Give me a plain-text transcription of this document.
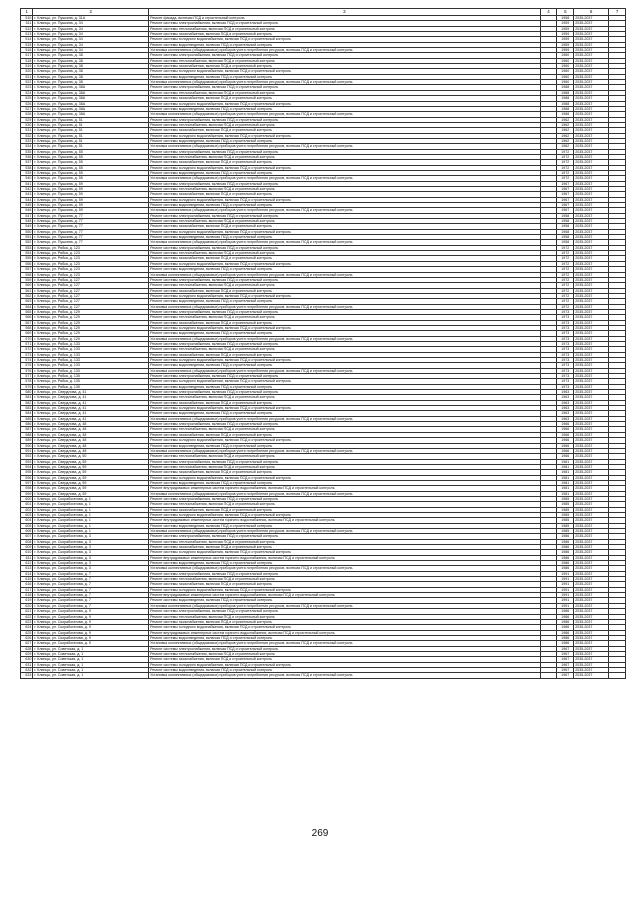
1	2	3	4	5	6	7
510	г. Клинцы, ул. Пушкина, д. 31А	Ремонт фасада, включая ПСД и строительный контроль		1958	2035-2037	
511	г. Клинцы, ул. Пушкина, д. 34	Ремонт системы электроснабжения, включая ПСД и строительный контроль		1959	2035-2037	
512	г. Клинцы, ул. Пушкина, д. 34	Ремонт системы теплоснабжения, включая ПСД и строительный контроль		1959	2035-2037	
513	г. Клинцы, ул. Пушкина, д. 34	Ремонт системы газоснабжения, включая ПСД и строительный контроль		1959	2035-2037	
514	г. Клинцы, ул. Пушкина, д. 34	Ремонт системы холодного водоснабжения, включая ПСД и строительный контроль		1959	2035-2037	
515	г. Клинцы, ул. Пушкина, д. 34	Ремонт системы водоотведения, включая ПСД и строительный контроль		1959	2035-2037	
516	г. Клинцы, ул. Пушкина, д. 34	Установка коллективных (общедомовых) приборов учета потребления ресурсов, включая ПСД и строительный контроль		1959	2035-2037	
517	г. Клинцы, ул. Пушкина, д. 38	Ремонт системы электроснабжения, включая ПСД и строительный контроль		1960	2035-2037	
518	г. Клинцы, ул. Пушкина, д. 38	Ремонт системы теплоснабжения, включая ПСД и строительный контроль		1960	2035-2037	
519	г. Клинцы, ул. Пушкина, д. 38	Ремонт системы газоснабжения, включая ПСД и строительный контроль		1960	2035-2037	
520	г. Клинцы, ул. Пушкина, д. 38	Ремонт системы холодного водоснабжения, включая ПСД и строительный контроль		1960	2035-2037	
521	г. Клинцы, ул. Пушкина, д. 38	Ремонт системы водоотведения, включая ПСД и строительный контроль		1960	2035-2037	
522	г. Клинцы, ул. Пушкина, д. 38	Установка коллективных (общедомовых) приборов учета потребления ресурсов, включая ПСД и строительный контроль		1960	2035-2037	
523	г. Клинцы, ул. Пушкина, д. 38А	Ремонт системы электроснабжения, включая ПСД и строительный контроль		1988	2035-2037	
524	г. Клинцы, ул. Пушкина, д. 38А	Ремонт системы теплоснабжения, включая ПСД и строительный контроль		1988	2035-2037	
525	г. Клинцы, ул. Пушкина, д. 38А	Ремонт системы газоснабжения, включая ПСД и строительный контроль		1988	2035-2037	
526	г. Клинцы, ул. Пушкина, д. 38А	Ремонт системы холодного водоснабжения, включая ПСД и строительный контроль		1988	2035-2037	
527	г. Клинцы, ул. Пушкина, д. 38А	Ремонт системы водоотведения, включая ПСД и строительный контроль		1988	2035-2037	
528	г. Клинцы, ул. Пушкина, д. 38А	Установка коллективных (общедомовых) приборов учета потребления ресурсов, включая ПСД и строительный контроль		1988	2035-2037	
529	г. Клинцы, ул. Пушкина, д. 51	Ремонт системы электроснабжения, включая ПСД и строительный контроль		1962	2035-2037	
530	г. Клинцы, ул. Пушкина, д. 51	Ремонт системы теплоснабжения, включая ПСД и строительный контроль		1962	2035-2037	
531	г. Клинцы, ул. Пушкина, д. 51	Ремонт системы газоснабжения, включая ПСД и строительный контроль		1962	2035-2037	
532	г. Клинцы, ул. Пушкина, д. 51	Ремонт системы холодного водоснабжения, включая ПСД и строительный контроль		1962	2035-2037	
533	г. Клинцы, ул. Пушкина, д. 51	Ремонт системы водоотведения, включая ПСД и строительный контроль		1962	2035-2037	
534	г. Клинцы, ул. Пушкина, д. 51	Установка коллективных (общедомовых) приборов учета потребления ресурсов, включая ПСД и строительный контроль		1962	2035-2037	
535	г. Клинцы, ул. Пушкина, д. 55	Ремонт системы электроснабжения, включая ПСД и строительный контроль		1972	2035-2037	
536	г. Клинцы, ул. Пушкина, д. 55	Ремонт системы теплоснабжения, включая ПСД и строительный контроль		1972	2035-2037	
537	г. Клинцы, ул. Пушкина, д. 55	Ремонт системы газоснабжения, включая ПСД и строительный контроль		1972	2035-2037	
538	г. Клинцы, ул. Пушкина, д. 55	Ремонт системы холодного водоснабжения, включая ПСД и строительный контроль		1972	2035-2037	
539	г. Клинцы, ул. Пушкина, д. 55	Ремонт системы водоотведения, включая ПСД и строительный контроль		1972	2035-2037	
540	г. Клинцы, ул. Пушкина, д. 55	Установка коллективных (общедомовых) приборов учета потребления ресурсов, включая ПСД и строительный контроль		1972	2035-2037	
541	г. Клинцы, ул. Пушкина, д. 59	Ремонт системы электроснабжения, включая ПСД и строительный контроль		1967	2035-2037	
542	г. Клинцы, ул. Пушкина, д. 59	Ремонт системы теплоснабжения, включая ПСД и строительный контроль		1967	2035-2037	
543	г. Клинцы, ул. Пушкина, д. 59	Ремонт системы газоснабжения, включая ПСД и строительный контроль		1967	2035-2037	
544	г. Клинцы, ул. Пушкина, д. 59	Ремонт системы холодного водоснабжения, включая ПСД и строительный контроль		1967	2035-2037	
545	г. Клинцы, ул. Пушкина, д. 59	Ремонт системы водоотведения, включая ПСД и строительный контроль		1967	2035-2037	
546	г. Клинцы, ул. Пушкина, д. 59	Установка коллективных (общедомовых) приборов учета потребления ресурсов, включая ПСД и строительный контроль		1967	2035-2037	
547	г. Клинцы, ул. Пушкина, д. 77	Ремонт системы электроснабжения, включая ПСД и строительный контроль		1958	2035-2037	
548	г. Клинцы, ул. Пушкина, д. 77	Ремонт системы теплоснабжения, включая ПСД и строительный контроль		1958	2035-2037	
549	г. Клинцы, ул. Пушкина, д. 77	Ремонт системы газоснабжения, включая ПСД и строительный контроль		1958	2035-2037	
550	г. Клинцы, ул. Пушкина, д. 77	Ремонт системы холодного водоснабжения, включая ПСД и строительный контроль		1958	2035-2037	
551	г. Клинцы, ул. Пушкина, д. 77	Ремонт системы водоотведения, включая ПСД и строительный контроль		1958	2035-2037	
552	г. Клинцы, ул. Пушкина, д. 77	Установка коллективных (общедомовых) приборов учета потребления ресурсов, включая ПСД и строительный контроль		1958	2035-2037	
553	г. Клинцы, ул. Рябка, д. 123	Ремонт системы электроснабжения, включая ПСД и строительный контроль		1972	2035-2037	
554	г. Клинцы, ул. Рябка, д. 123	Ремонт системы теплоснабжения, включая ПСД и строительный контроль		1972	2035-2037	
555	г. Клинцы, ул. Рябка, д. 123	Ремонт системы газоснабжения, включая ПСД и строительный контроль		1972	2035-2037	
556	г. Клинцы, ул. Рябка, д. 123	Ремонт системы холодного водоснабжения, включая ПСД и строительный контроль		1972	2035-2037	
557	г. Клинцы, ул. Рябка, д. 123	Ремонт системы водоотведения, включая ПСД и строительный контроль		1972	2035-2037	
558	г. Клинцы, ул. Рябка, д. 123	Установка коллективных (общедомовых) приборов учета потребления ресурсов, включая ПСД и строительный контроль		1972	2035-2037	
559	г. Клинцы, ул. Рябка, д. 127	Ремонт системы электроснабжения, включая ПСД и строительный контроль		1972	2035-2037	
560	г. Клинцы, ул. Рябка, д. 127	Ремонт системы теплоснабжения, включая ПСД и строительный контроль		1972	2035-2037	
561	г. Клинцы, ул. Рябка, д. 127	Ремонт системы газоснабжения, включая ПСД и строительный контроль		1972	2035-2037	
562	г. Клинцы, ул. Рябка, д. 127	Ремонт системы холодного водоснабжения, включая ПСД и строительный контроль		1972	2035-2037	
563	г. Клинцы, ул. Рябка, д. 127	Ремонт системы водоотведения, включая ПСД и строительный контроль		1972	2035-2037	
564	г. Клинцы, ул. Рябка, д. 127	Установка коллективных (общедомовых) приборов учета потребления ресурсов, включая ПСД и строительный контроль		1972	2035-2037	
565	г. Клинцы, ул. Рябка, д. 129	Ремонт системы электроснабжения, включая ПСД и строительный контроль		1973	2035-2037	
566	г. Клинцы, ул. Рябка, д. 129	Ремонт системы теплоснабжения, включая ПСД и строительный контроль		1973	2035-2037	
567	г. Клинцы, ул. Рябка, д. 129	Ремонт системы газоснабжения, включая ПСД и строительный контроль		1973	2035-2037	
568	г. Клинцы, ул. Рябка, д. 129	Ремонт системы холодного водоснабжения, включая ПСД и строительный контроль		1973	2035-2037	
569	г. Клинцы, ул. Рябка, д. 129	Ремонт системы водоотведения, включая ПСД и строительный контроль		1973	2035-2037	
570	г. Клинцы, ул. Рябка, д. 129	Установка коллективных (общедомовых) приборов учета потребления ресурсов, включая ПСД и строительный контроль		1973	2035-2037	
571	г. Клинцы, ул. Рябка, д. 133	Ремонт системы электроснабжения, включая ПСД и строительный контроль		1973	2035-2037	
572	г. Клинцы, ул. Рябка, д. 133	Ремонт системы теплоснабжения, включая ПСД и строительный контроль		1973	2035-2037	
573	г. Клинцы, ул. Рябка, д. 133	Ремонт системы газоснабжения, включая ПСД и строительный контроль		1973	2035-2037	
574	г. Клинцы, ул. Рябка, д. 133	Ремонт системы холодного водоснабжения, включая ПСД и строительный контроль		1973	2035-2037	
575	г. Клинцы, ул. Рябка, д. 133	Ремонт системы водоотведения, включая ПСД и строительный контроль		1973	2035-2037	
576	г. Клинцы, ул. Рябка, д. 133	Установка коллективных (общедомовых) приборов учета потребления ресурсов, включая ПСД и строительный контроль		1973	2035-2037	
577	г. Клинцы, ул. Рябка, д. 135	Ремонт системы электроснабжения, включая ПСД и строительный контроль		1973	2035-2037	
578	г. Клинцы, ул. Рябка, д. 135	Ремонт системы холодного водоснабжения, включая ПСД и строительный контроль		1973	2035-2037	
579	г. Клинцы, ул. Рябка, д. 135	Ремонт системы водоотведения, включая ПСД и строительный контроль		1973	2035-2037	
580	г. Клинцы, ул. Свердлова, д. 41	Ремонт системы электроснабжения, включая ПСД и строительный контроль		1963	2035-2037	
581	г. Клинцы, ул. Свердлова, д. 41	Ремонт системы теплоснабжения, включая ПСД и строительный контроль		1963	2035-2037	
582	г. Клинцы, ул. Свердлова, д. 41	Ремонт системы газоснабжения, включая ПСД и строительный контроль		1963	2035-2037	
583	г. Клинцы, ул. Свердлова, д. 41	Ремонт системы холодного водоснабжения, включая ПСД и строительный контроль		1963	2035-2037	
584	г. Клинцы, ул. Свердлова, д. 41	Ремонт системы водоотведения, включая ПСД и строительный контроль		1963	2035-2037	
585	г. Клинцы, ул. Свердлова, д. 41	Установка коллективных (общедомовых) приборов учета потребления ресурсов, включая ПСД и строительный контроль		1963	2035-2037	
586	г. Клинцы, ул. Свердлова, д. 48	Ремонт системы электроснабжения, включая ПСД и строительный контроль		1966	2035-2037	
587	г. Клинцы, ул. Свердлова, д. 48	Ремонт системы теплоснабжения, включая ПСД и строительный контроль		1966	2035-2037	
588	г. Клинцы, ул. Свердлова, д. 48	Ремонт системы газоснабжения, включая ПСД и строительный контроль		1966	2035-2037	
589	г. Клинцы, ул. Свердлова, д. 48	Ремонт системы холодного водоснабжения, включая ПСД и строительный контроль		1966	2035-2037	
590	г. Клинцы, ул. Свердлова, д. 48	Ремонт системы водоотведения, включая ПСД и строительный контроль		1966	2035-2037	
591	г. Клинцы, ул. Свердлова, д. 48	Установка коллективных (общедомовых) приборов учета потребления ресурсов, включая ПСД и строительный контроль		1966	2035-2037	
592	г. Клинцы, ул. Свердлова, д. 50	Ремонт системы теплоснабжения, включая ПСД и строительный контроль		1966	2035-2037	
593	г. Клинцы, ул. Свердлова, д. 59	Ремонт системы электроснабжения, включая ПСД и строительный контроль		1981	2035-2037	
594	г. Клинцы, ул. Свердлова, д. 59	Ремонт системы теплоснабжения, включая ПСД и строительный контроль		1981	2035-2037	
595	г. Клинцы, ул. Свердлова, д. 59	Ремонт системы газоснабжения, включая ПСД и строительный контроль		1981	2035-2037	
596	г. Клинцы, ул. Свердлова, д. 59	Ремонт системы холодного водоснабжения, включая ПСД и строительный контроль		1981	2035-2037	
597	г. Клинцы, ул. Свердлова, д. 59	Ремонт системы водоотведения, включая ПСД и строительный контроль		1981	2035-2037	
598	г. Клинцы, ул. Свердлова, д. 59	Ремонт внутридомовых инженерных систем горячего водоснабжения, включая ПСД и строительный контроль		1981	2035-2037	
599	г. Клинцы, ул. Свердлова, д. 59	Установка коллективных (общедомовых) приборов учета потребления ресурсов, включая ПСД и строительный контроль		1981	2035-2037	
600	г. Клинцы, ул. Скорабогатова, д. 1	Ремонт системы электроснабжения, включая ПСД и строительный контроль		1985	2035-2037	
601	г. Клинцы, ул. Скорабогатова, д. 1	Ремонт системы теплоснабжения, включая ПСД и строительный контроль		1985	2035-2037	
602	г. Клинцы, ул. Скорабогатова, д. 1	Ремонт системы газоснабжения, включая ПСД и строительный контроль		1985	2035-2037	
603	г. Клинцы, ул. Скорабогатова, д. 1	Ремонт системы холодного водоснабжения, включая ПСД и строительный контроль		1985	2035-2037	
604	г. Клинцы, ул. Скорабогатова, д. 1	Ремонт внутридомовых инженерных систем горячего водоснабжения, включая ПСД и строительный контроль		1985	2035-2037	
605	г. Клинцы, ул. Скорабогатова, д. 1	Ремонт системы водоотведения, включая ПСД и строительный контроль		1985	2035-2037	
606	г. Клинцы, ул. Скорабогатова, д. 1	Установка коллективных (общедомовых) приборов учета потребления ресурсов, включая ПСД и строительный контроль		1985	2035-2037	
607	г. Клинцы, ул. Скорабогатова, д. 3	Ремонт системы электроснабжения, включая ПСД и строительный контроль		1986	2035-2037	
608	г. Клинцы, ул. Скорабогатова, д. 3	Ремонт системы теплоснабжения, включая ПСД и строительный контроль		1986	2035-2037	
609	г. Клинцы, ул. Скорабогатова, д. 3	Ремонт системы газоснабжения, включая ПСД и строительный контроль		1986	2035-2037	
610	г. Клинцы, ул. Скорабогатова, д. 3	Ремонт системы холодного водоснабжения, включая ПСД и строительный контроль		1986	2035-2037	
611	г. Клинцы, ул. Скорабогатова, д. 3	Ремонт внутридомовых инженерных систем горячего водоснабжения, включая ПСД и строительный контроль		1986	2035-2037	
612	г. Клинцы, ул. Скорабогатова, д. 3	Ремонт системы водоотведения, включая ПСД и строительный контроль		1986	2035-2037	
613	г. Клинцы, ул. Скорабогатова, д. 3	Установка коллективных (общедомовых) приборов учета потребления ресурсов, включая ПСД и строительный контроль		1986	2035-2037	
614	г. Клинцы, ул. Скорабогатова, д. 7	Ремонт системы электроснабжения, включая ПСД и строительный контроль		1991	2035-2037	
615	г. Клинцы, ул. Скорабогатова, д. 7	Ремонт системы теплоснабжения, включая ПСД и строительный контроль		1991	2035-2037	
616	г. Клинцы, ул. Скорабогатова, д. 7	Ремонт системы газоснабжения, включая ПСД и строительный контроль		1991	2035-2037	
617	г. Клинцы, ул. Скорабогатова, д. 7	Ремонт системы холодного водоснабжения, включая ПСД и строительный контроль		1991	2035-2037	
618	г. Клинцы, ул. Скорабогатова, д. 7	Ремонт внутридомовых инженерных систем горячего водоснабжения, включая ПСД и строительный контроль		1991	2035-2037	
619	г. Клинцы, ул. Скорабогатова, д. 7	Ремонт системы водоотведения, включая ПСД и строительный контроль		1991	2035-2037	
620	г. Клинцы, ул. Скорабогатова, д. 7	Установка коллективных (общедомовых) приборов учета потребления ресурсов, включая ПСД и строительный контроль		1991	2035-2037	
621	г. Клинцы, ул. Скорабогатова, д. 9	Ремонт системы электроснабжения, включая ПСД и строительный контроль		1986	2035-2037	
622	г. Клинцы, ул. Скорабогатова, д. 9	Ремонт системы теплоснабжения, включая ПСД и строительный контроль		1986	2035-2037	
623	г. Клинцы, ул. Скорабогатова, д. 9	Ремонт системы газоснабжения, включая ПСД и строительный контроль		1986	2035-2037	
624	г. Клинцы, ул. Скорабогатова, д. 9	Ремонт системы холодного водоснабжения, включая ПСД и строительный контроль		1986	2035-2037	
625	г. Клинцы, ул. Скорабогатова, д. 9	Ремонт внутридомовых инженерных систем горячего водоснабжения, включая ПСД и строительный контроль		1986	2035-2037	
626	г. Клинцы, ул. Скорабогатова, д. 9	Ремонт системы водоотведения, включая ПСД и строительный контроль		1986	2035-2037	
627	г. Клинцы, ул. Скорабогатова, д. 9	Установка коллективных (общедомовых) приборов учета потребления ресурсов, включая ПСД и строительный контроль		1986	2035-2037	
628	г. Клинцы, ул. Советская, д. 1	Ремонт системы электроснабжения, включая ПСД и строительный контроль		1967	2035-2037	
629	г. Клинцы, ул. Советская, д. 1	Ремонт системы теплоснабжения, включая ПСД и строительный контроль		1967	2035-2037	
630	г. Клинцы, ул. Советская, д. 1	Ремонт системы газоснабжения, включая ПСД и строительный контроль		1967	2035-2037	
631	г. Клинцы, ул. Советская, д. 1	Ремонт системы холодного водоснабжения, включая ПСД и строительный контроль		1967	2035-2037	
632	г. Клинцы, ул. Советская, д. 1	Ремонт системы водоотведения, включая ПСД и строительный контроль		1967	2035-2037	
633	г. Клинцы, ул. Советская, д. 1	Установка коллективных (общедомовых) приборов учета потребления ресурсов, включая ПСД и строительный контроль		1967	2035-2037	
269
